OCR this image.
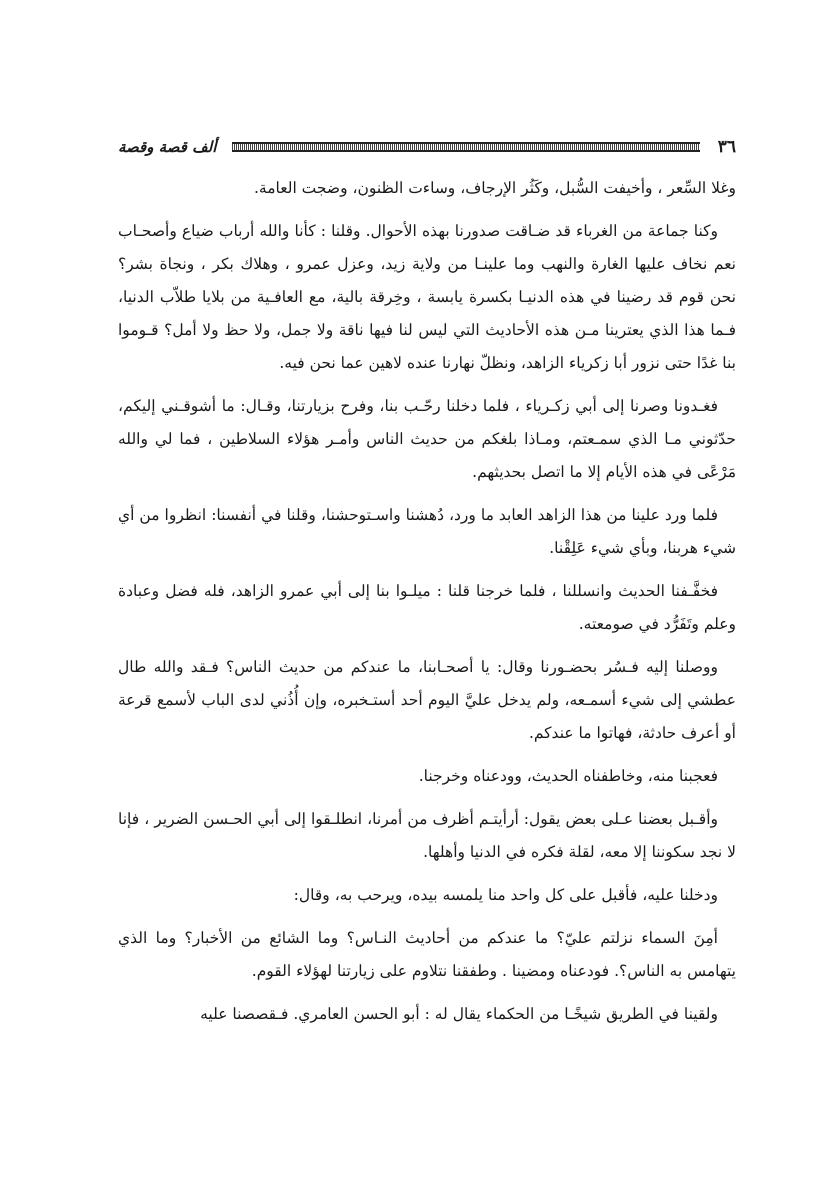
٣٦
ألف قصة وقصة

وغلا السِّعر ، وأخيفت السُّبل، وكَثُر الإرجاف، وساءت الظنون، وضجت العامة.

وكنا جماعة من الغرباء قد ضـاقت صدورنا بهذه الأحوال. وقلنا : كأنا والله أرباب ضياع وأصحـاب نعم نخاف عليها الغارة والنهب وما علينـا من ولاية زيد، وعزل عمرو ، وهلاك بكر ، ونجاة بشر؟ نحن قوم قد رضينا في هذه الدنيـا بكسرة يابسة ، وخِرقة بالية، مع العافـية من بلايا طلاّب الدنيا، فـما هذا الذي يعترينا مـن هذه الأحاديث التي ليس لنا فيها ناقة ولا جمل، ولا حظ ولا أمل؟ قـوموا بنا غدًا حتى نزور أبا زكرياء الزاهد، ونظلّ نهارنا عنده لاهين عما نحن فيه.

فغـدونا وصرنا إلى أبي زكـرياء ، فلما دخلنا رحّـب بنا، وفرح بزيارتنا، وقـال: ما أشوقـني إليكم، حدّثوني مـا الذي سمـعتم، ومـاذا بلغكم من حديث الناس وأمـر هؤلاء السلاطين ، فما لي والله مَرْعًى في هذه الأيام إلا ما اتصل بحديثهم.

فلما ورد علينا من هذا الزاهد العابد ما ورد، دُهشنا واسـتوحشنا، وقلنا في أنفسنا: انظروا من أي شيء هربنا، وبأي شيء عَلِقْنا.

فخفَّـفنا الحديث وانسللنا ، فلما خرجنا قلنا : ميلـوا بنا إلى أبي عمرو الزاهد، فله فضل وعبادة وعلم وتَفَرُّد في صومعته.

ووصلنا إليه فـسُر بحضـورنا وقال: يا أصحـابنا، ما عندكم من حديث الناس؟ فـقد والله طال عطشي إلى شيء أسمـعه، ولم يدخل عليَّ اليوم أحد أستـخبره، وإن أُذُني لدى الباب لأسمع قرعة أو أعرف حادثة، فهاتوا ما عندكم.

فعجبنا منه، وخاطفناه الحديث، وودعناه وخرجنا.

وأقـبل بعضنا عـلى بعض يقول: أرأيتـم أظرف من أمرنا، انطلـقوا إلى أبي الحـسن الضرير ، فإنا لا نجد سكوننا إلا معه، لقلة فكره في الدنيا وأهلها.

ودخلنا عليه، فأقبل على كل واحد منا يلمسه بيده، ويرحب به، وقال:

أمِنَ السماء نزلتم عليّ؟ ما عندكم من أحاديث النـاس؟ وما الشائع من الأخبار؟ وما الذي يتهامس به الناس؟. فودعناه ومضينا . وطفقنا نتلاوم على زيارتنا لهؤلاء القوم.

ولقينا في الطريق شيخًـا من الحكماء يقال له : أبو الحسن العامري. فـقصصنا عليه
